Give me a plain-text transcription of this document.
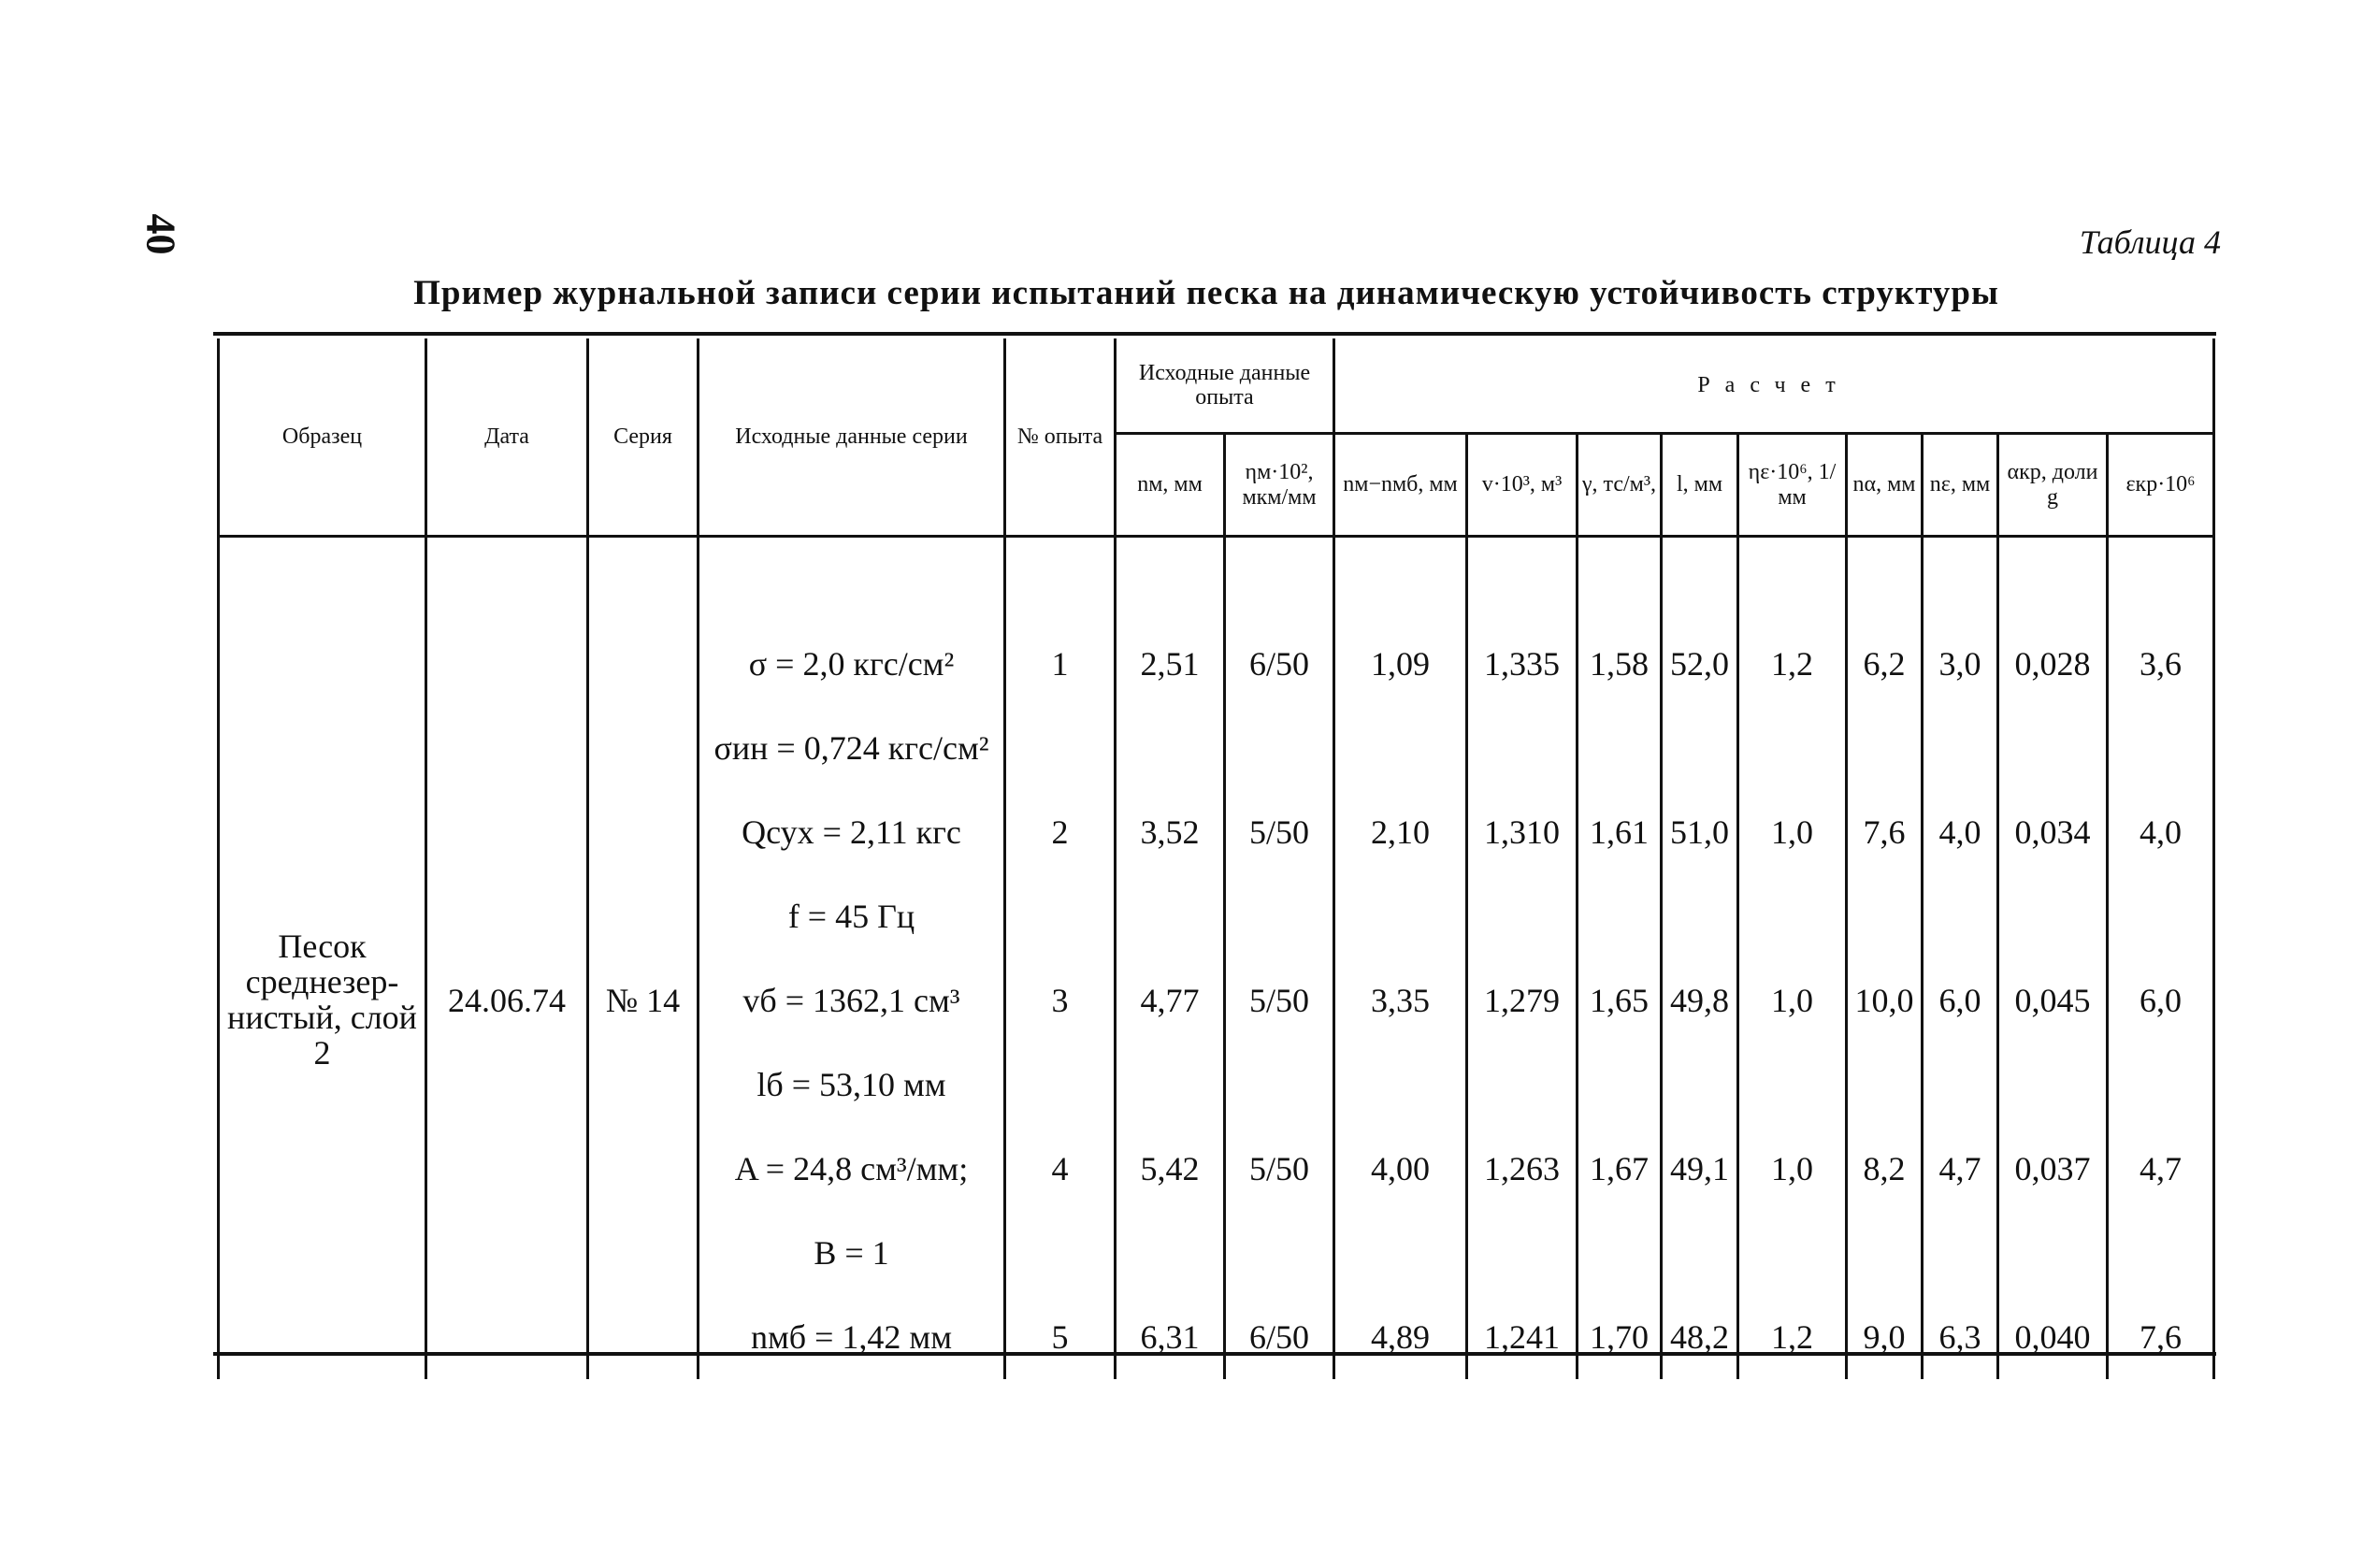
40	Таблица 4
Пример журнальной записи серии испытаний песка на динамическую устойчивость структуры
Образец	Дата	Серия	Исходные данные серии	№ опыта	Исходные данные опыта		Расчет								
					nм, мм	ηм·10², мкм/мм	nм−nмб, мм	v·10³, м³	γ, тс/м³,	l, мм	ηε·10⁶, 1/мм	nα, мм	nε, мм	αкр, доли g	εкр·10⁶

Песок среднезер-нистый, слой 2	24.06.74	№ 14	σ = 2,0 кгс/см²	1	2,51	6/50	1,09	1,335	1,58	52,0	1,2	6,2	3,0	0,028	3,6
			σин = 0,724 кгс/см²												
			Qсух = 2,11 кгс	2	3,52	5/50	2,10	1,310	1,61	51,0	1,0	7,6	4,0	0,034	4,0
			f = 45 Гц												
			vб = 1362,1 см³	3	4,77	5/50	3,35	1,279	1,65	49,8	1,0	10,0	6,0	0,045	6,0
			lб = 53,10 мм												
			A = 24,8 см³/мм;	4	5,42	5/50	4,00	1,263	1,67	49,1	1,0	8,2	4,7	0,037	4,7
			B = 1												
			nмб = 1,42 мм	5	6,31	6/50	4,89	1,241	1,70	48,2	1,2	9,0	6,3	0,040	7,6
